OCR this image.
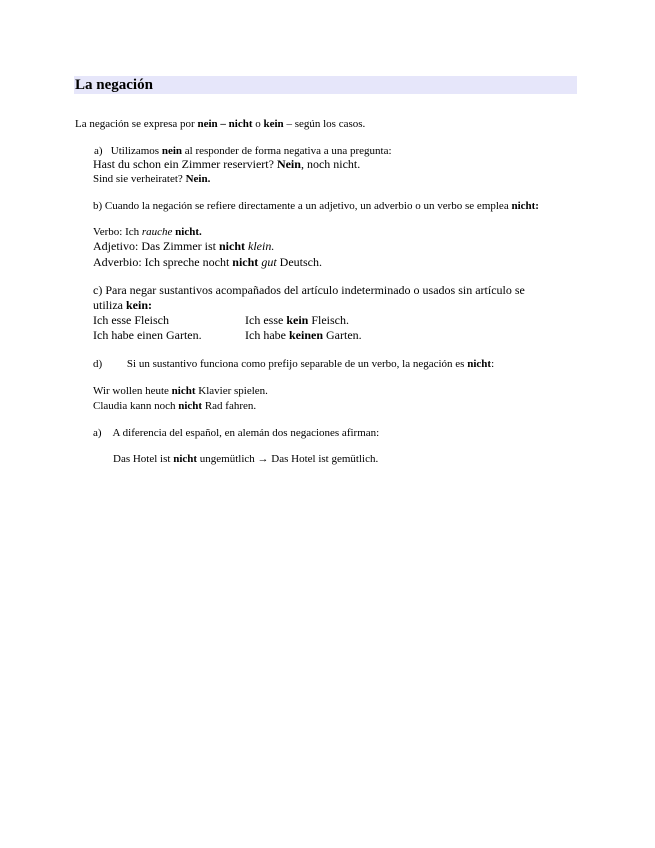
La negación
La negación se expresa por nein – nicht o kein – según los casos.
a) Utilizamos nein al responder de forma negativa a una pregunta:
Hast du schon ein Zimmer reserviert? Nein, noch nicht.
Sind sie verheiratet? Nein.
b) Cuando la negación se refiere directamente a un adjetivo, un adverbio o un verbo se emplea nicht:
Verbo: Ich rauche nicht.
Adjetivo: Das Zimmer ist nicht klein.
Adverbio: Ich spreche nocht nicht gut Deutsch.
c) Para negar sustantivos acompañados del artículo indeterminado o usados sin artículo se
utiliza kein:
Ich esse Fleisch	Ich esse kein Fleisch.
Ich habe einen Garten.	Ich habe keinen Garten.
d) Si un sustantivo funciona como prefijo separable de un verbo, la negación es nicht:
Wir wollen heute nicht Klavier spielen.
Claudia kann noch nicht Rad fahren.
a) A diferencia del español, en alemán dos negaciones afirman:
Das Hotel ist nicht ungemütlich → Das Hotel ist gemütlich.
